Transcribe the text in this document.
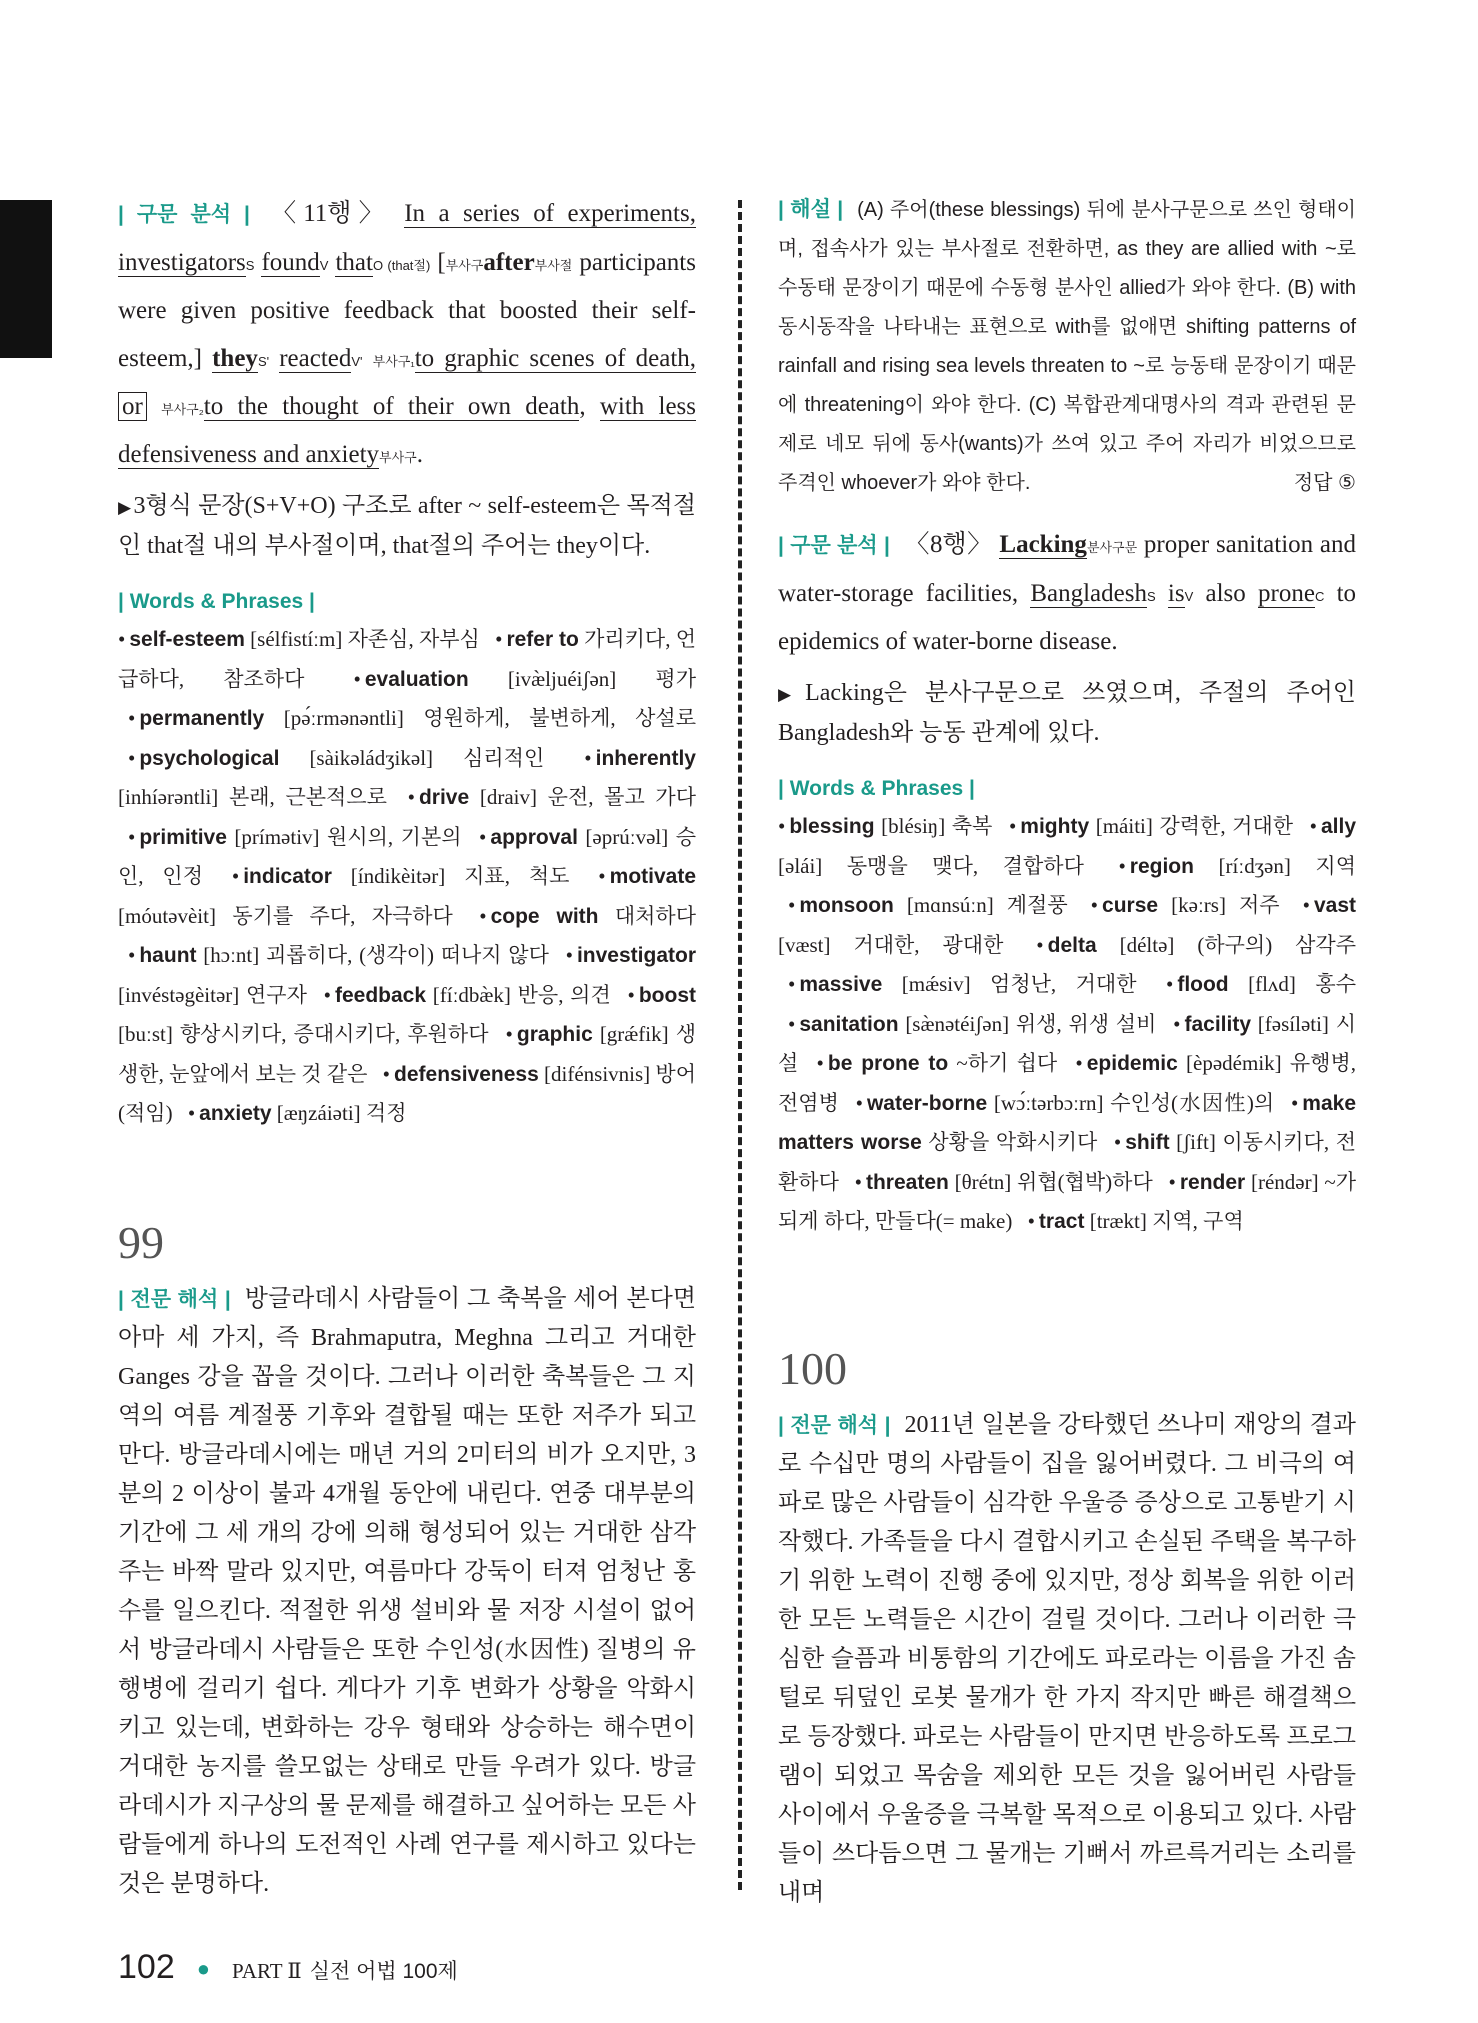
| 구문 분석 | 〈11행〉 In a series of experiments, investigatorsS foundV thatO (that절) [부사구after부사절 participants were given positive feedback that boosted their self-esteem,] theyS' reactedV' 부사구₁to graphic scenes of death, or 부사구₂to the thought of their own death, with less defensiveness and anxiety부사구.

▶ 3형식 문장(S+V+O) 구조로 after ~ self-esteem은 목적절인 that절 내의 부사절이며, that절의 주어는 they이다.

| Words & Phrases |

• self-esteem [sélfistíːm] 자존심, 자부심 • refer to 가리키다, 언급하다, 참조하다 • evaluation [ivæ̀ljuéiʃən] 평가 • permanently [pə́ːrmənəntli] 영원하게, 불변하게, 상설로 • psychological [sàikəládʒikəl] 심리적인 • inherently [inhíərəntli] 본래, 근본적으로 • drive [draiv] 운전, 몰고 가다 • primitive [prímətiv] 원시의, 기본의 • approval [əprúːvəl] 승인, 인정 • indicator [índikèitər] 지표, 척도 • motivate [móutəvèit] 동기를 주다, 자극하다 • cope with 대처하다 • haunt [hɔːnt] 괴롭히다, (생각이) 떠나지 않다 • investigator [invéstəgèitər] 연구자 • feedback [fíːdbæ̀k] 반응, 의견 • boost [buːst] 향상시키다, 증대시키다, 후원하다 • graphic [grǽfik] 생생한, 눈앞에서 보는 것 같은 • defensiveness [difénsivnis] 방어(적임) • anxiety [æŋzáiəti] 걱정

99

| 전문 해석 | 방글라데시 사람들이 그 축복을 세어 본다면 아마 세 가지, 즉 Brahmaputra, Meghna 그리고 거대한 Ganges 강을 꼽을 것이다. 그러나 이러한 축복들은 그 지역의 여름 계절풍 기후와 결합될 때는 또한 저주가 되고 만다. 방글라데시에는 매년 거의 2미터의 비가 오지만, 3분의 2 이상이 불과 4개월 동안에 내린다. 연중 대부분의 기간에 그 세 개의 강에 의해 형성되어 있는 거대한 삼각주는 바짝 말라 있지만, 여름마다 강둑이 터져 엄청난 홍수를 일으킨다. 적절한 위생 설비와 물 저장 시설이 없어서 방글라데시 사람들은 또한 수인성(水因性) 질병의 유행병에 걸리기 쉽다. 게다가 기후 변화가 상황을 악화시키고 있는데, 변화하는 강우 형태와 상승하는 해수면이 거대한 농지를 쓸모없는 상태로 만들 우려가 있다. 방글라데시가 지구상의 물 문제를 해결하고 싶어하는 모든 사람들에게 하나의 도전적인 사례 연구를 제시하고 있다는 것은 분명하다.

| 해설 | (A) 주어(these blessings) 뒤에 분사구문으로 쓰인 형태이며, 접속사가 있는 부사절로 전환하면, as they are allied with ~로 수동태 문장이기 때문에 수동형 분사인 allied가 와야 한다. (B) with 동시동작을 나타내는 표현으로 with를 없애면 shifting patterns of rainfall and rising sea levels threaten to ~로 능동태 문장이기 때문에 threatening이 와야 한다. (C) 복합관계대명사의 격과 관련된 문제로 네모 뒤에 동사(wants)가 쓰여 있고 주어 자리가 비었으므로 주격인 whoever가 와야 한다.	정답 ⑤

| 구문 분석 | 〈8행〉 Lacking분사구문 proper sanitation and water-storage facilities, BangladeshS isV also proneC to epidemics of water-borne disease.

▶ Lacking은 분사구문으로 쓰였으며, 주절의 주어인 Bangladesh와 능동 관계에 있다.

| Words & Phrases |

• blessing [blésiŋ] 축복 • mighty [máiti] 강력한, 거대한 • ally [əlái] 동맹을 맺다, 결합하다 • region [ríːdʒən] 지역 • monsoon [mɑnsúːn] 계절풍 • curse [kəːrs] 저주 • vast [væst] 거대한, 광대한 • delta [déltə] (하구의) 삼각주 • massive [mǽsiv] 엄청난, 거대한 • flood [flʌd] 홍수 • sanitation [sæ̀nətéiʃən] 위생, 위생 설비 • facility [fəsíləti] 시설 • be prone to ~하기 쉽다 • epidemic [èpədémik] 유행병, 전염병 • water-borne [wɔ́ːtərbɔːrn] 수인성(水因性)의 • make matters worse 상황을 악화시키다 • shift [ʃift] 이동시키다, 전환하다 • threaten [θrétn] 위협(협박)하다 • render [réndər] ~가 되게 하다, 만들다(= make) • tract [trækt] 지역, 구역

100

| 전문 해석 | 2011년 일본을 강타했던 쓰나미 재앙의 결과로 수십만 명의 사람들이 집을 잃어버렸다. 그 비극의 여파로 많은 사람들이 심각한 우울증 증상으로 고통받기 시작했다. 가족들을 다시 결합시키고 손실된 주택을 복구하기 위한 노력이 진행 중에 있지만, 정상 회복을 위한 이러한 모든 노력들은 시간이 걸릴 것이다. 그러나 이러한 극심한 슬픔과 비통함의 기간에도 파로라는 이름을 가진 솜털로 뒤덮인 로봇 물개가 한 가지 작지만 빠른 해결책으로 등장했다. 파로는 사람들이 만지면 반응하도록 프로그램이 되었고 목숨을 제외한 모든 것을 잃어버린 사람들 사이에서 우울증을 극복할 목적으로 이용되고 있다. 사람들이 쓰다듬으면 그 물개는 기뻐서 까르륵거리는 소리를 내며

102 ● PART Ⅱ 실전 어법 100제
